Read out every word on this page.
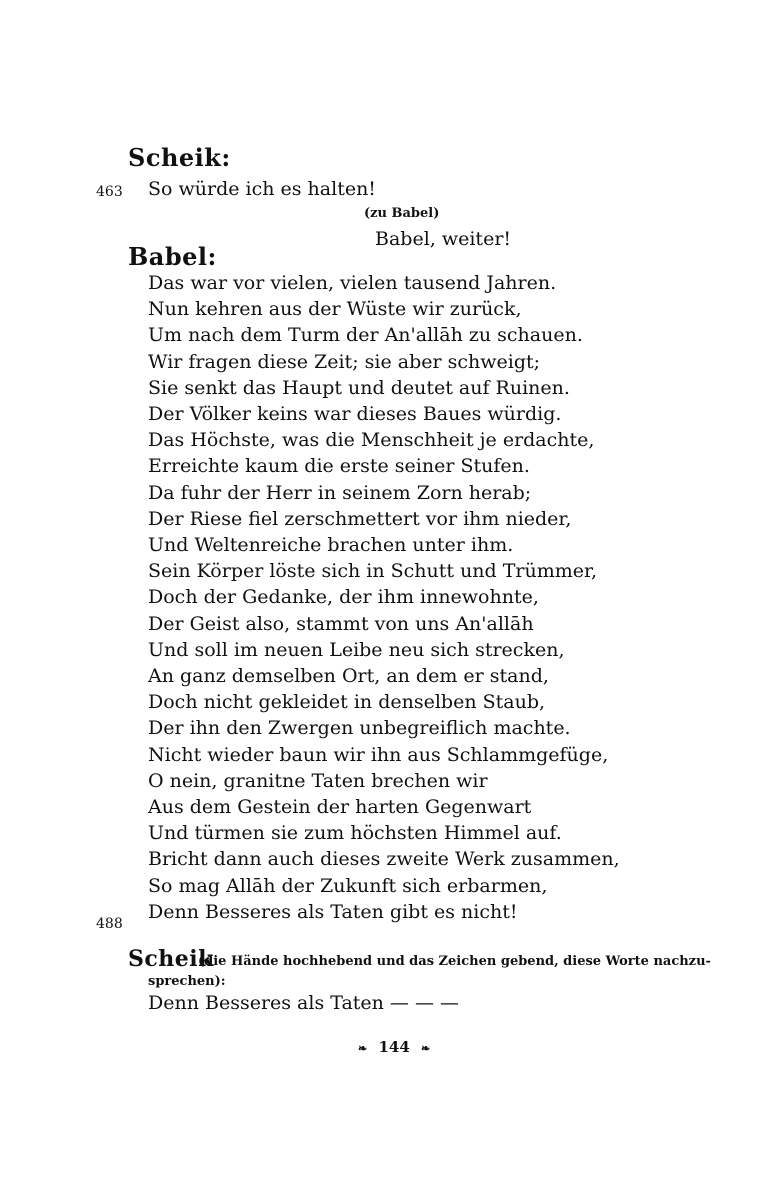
Scheik:
463 So würde ich es halten!
(zu Babel)
Babel, weiter!
Babel:
Das war vor vielen, vielen tausend Jahren.
Nun kehren aus der Wüste wir zurück,
Um nach dem Turm der An'allāh zu schauen.
Wir fragen diese Zeit; sie aber schweigt;
Sie senkt das Haupt und deutet auf Ruinen.
Der Völker keins war dieses Baues würdig.
Das Höchste, was die Menschheit je erdachte,
Erreichte kaum die erste seiner Stufen.
Da fuhr der Herr in seinem Zorn herab;
Der Riese fiel zerschmettert vor ihm nieder,
Und Weltenreiche brachen unter ihm.
Sein Körper löste sich in Schutt und Trümmer,
Doch der Gedanke, der ihm innewohnte,
Der Geist also, stammt von uns An'allāh
Und soll im neuen Leibe neu sich strecken,
An ganz demselben Ort, an dem er stand,
Doch nicht gekleidet in denselben Staub,
Der ihn den Zwergen unbegreiflich machte.
Nicht wieder baun wir ihn aus Schlammgefüge,
O nein, granitne Taten brechen wir
Aus dem Gestein der harten Gegenwart
Und türmen sie zum höchsten Himmel auf.
Bricht dann auch dieses zweite Werk zusammen,
So mag Allāh der Zukunft sich erbarmen,
Denn Besseres als Taten gibt es nicht!
488
Scheik
(die Hände hochhebend und das Zeichen gebend, diese Worte nachzu-
sprechen):
Denn Besseres als Taten — — —
❧ 144 ❧
